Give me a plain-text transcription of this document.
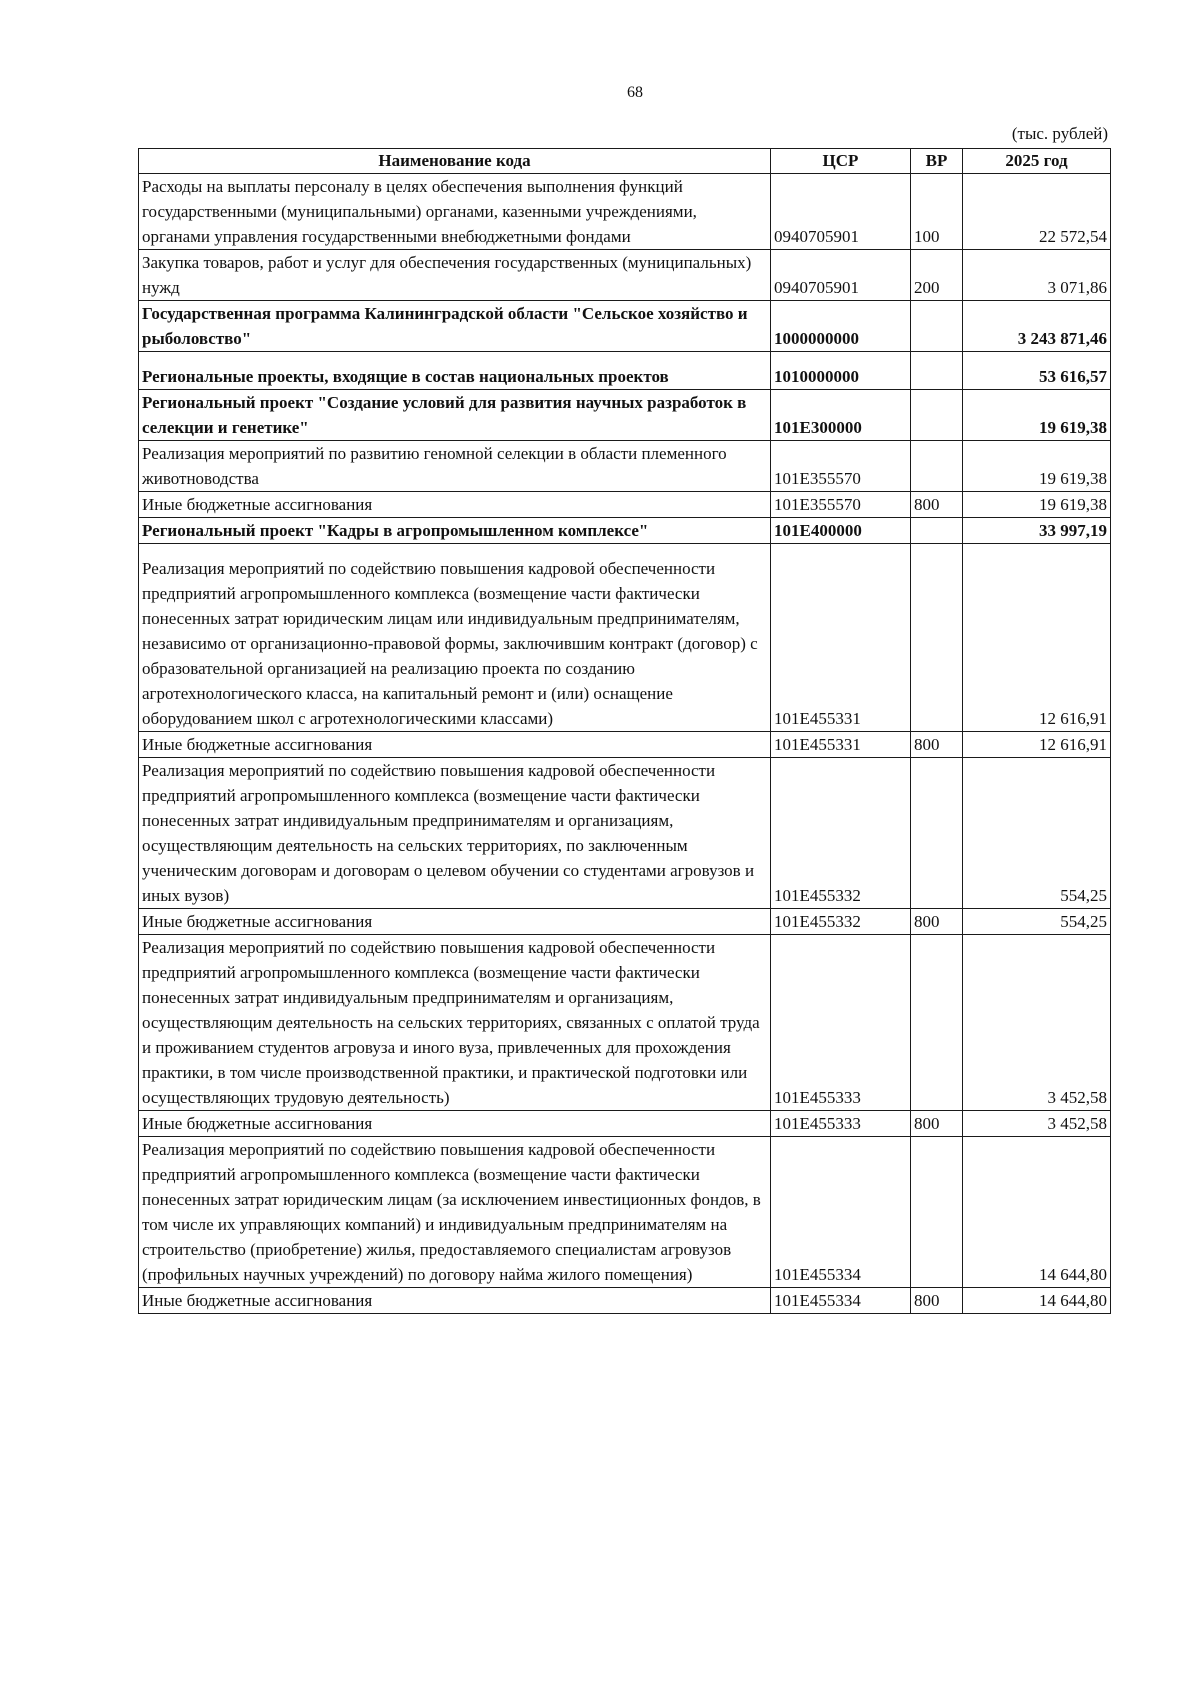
68
(тыс. рублей)
Наименование кода	ЦСР	ВР	2025 год
Расходы на выплаты персоналу в целях обеспечения выполнения функций государственными (муниципальными) органами, казенными учреждениями, органами управления государственными внебюджетными фондами	0940705901	100	22 572,54
Закупка товаров, работ и услуг для обеспечения государственных (муниципальных) нужд	0940705901	200	3 071,86
Государственная программа Калининградской области "Сельское хозяйство и рыболовство"	1000000000		3 243 871,46
Региональные проекты, входящие в состав национальных проектов	1010000000		53 616,57
Региональный проект "Создание условий для развития научных разработок в селекции и генетике"	101E300000		19 619,38
Реализация мероприятий по развитию геномной селекции в области племенного животноводства	101E355570		19 619,38
Иные бюджетные ассигнования	101E355570	800	19 619,38
Региональный проект "Кадры в агропромышленном комплексе"	101E400000		33 997,19
Реализация мероприятий по содействию повышения кадровой обеспеченности предприятий агропромышленного комплекса (возмещение части фактически понесенных затрат юридическим лицам или индивидуальным предпринимателям, независимо от организационно-правовой формы, заключившим контракт (договор) с образовательной организацией на реализацию проекта по созданию агротехнологического класса, на капитальный ремонт и (или) оснащение оборудованием школ с агротехнологическими классами)	101E455331		12 616,91
Иные бюджетные ассигнования	101E455331	800	12 616,91
Реализация мероприятий по содействию повышения кадровой обеспеченности предприятий агропромышленного комплекса (возмещение части фактически понесенных затрат индивидуальным предпринимателям и организациям, осуществляющим деятельность на сельских территориях, по заключенным ученическим договорам и договорам о целевом обучении со студентами агровузов и иных вузов)	101E455332		554,25
Иные бюджетные ассигнования	101E455332	800	554,25
Реализация мероприятий по содействию повышения кадровой обеспеченности предприятий агропромышленного комплекса (возмещение части фактически понесенных затрат индивидуальным предпринимателям и организациям, осуществляющим деятельность на сельских территориях, связанных с оплатой труда и проживанием студентов агровуза и иного вуза, привлеченных для прохождения практики, в том числе производственной практики, и практической подготовки или осуществляющих трудовую деятельность)	101E455333		3 452,58
Иные бюджетные ассигнования	101E455333	800	3 452,58
Реализация мероприятий по содействию повышения кадровой обеспеченности предприятий агропромышленного комплекса (возмещение части фактически понесенных затрат юридическим лицам (за исключением инвестиционных фондов, в том числе их управляющих компаний) и индивидуальным предпринимателям на строительство (приобретение) жилья, предоставляемого специалистам агровузов (профильных научных учреждений) по договору найма жилого помещения)	101E455334		14 644,80
Иные бюджетные ассигнования	101E455334	800	14 644,80
